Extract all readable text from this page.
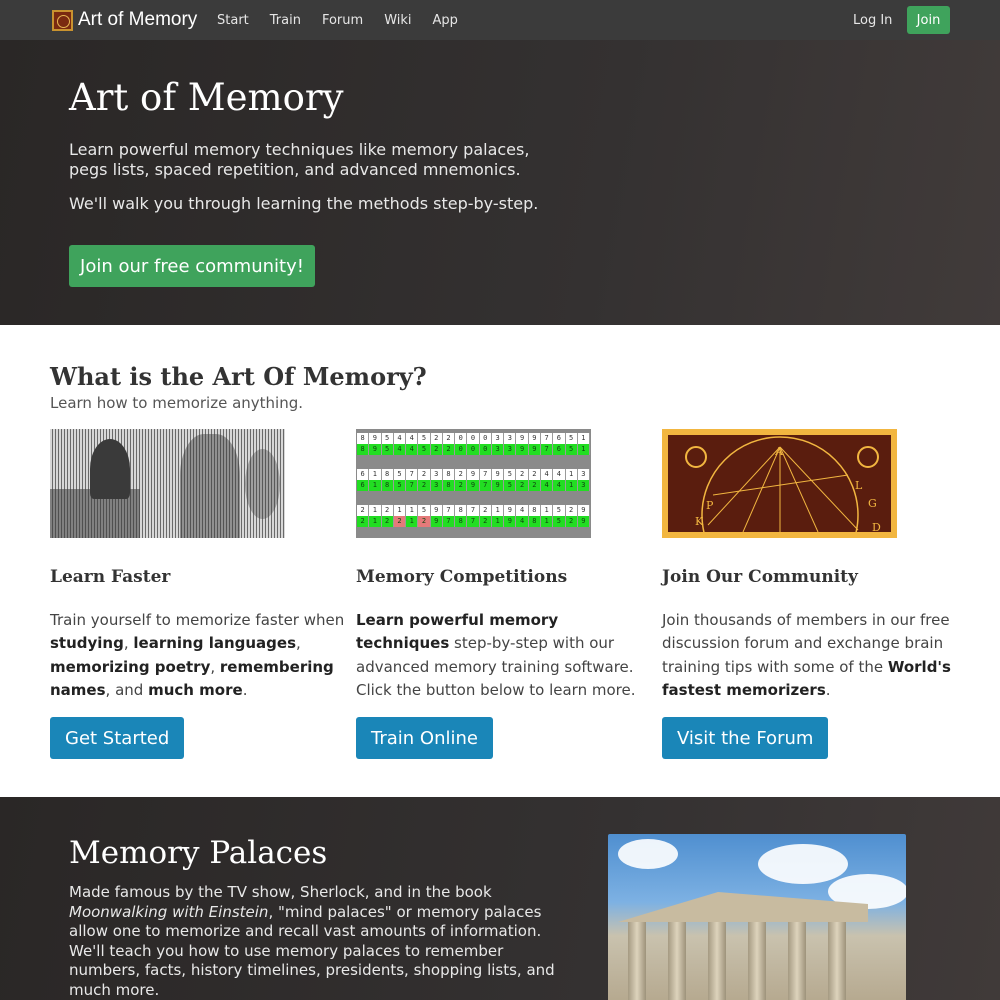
Art of Memory Start Train Forum Wiki App	Log In	Join
Art of Memory

Learn powerful memory techniques like memory palaces, pegs lists, spaced repetition, and advanced mnemonics.

We'll walk you through learning the methods step-by-step.

Join our free community!
What is the Art Of Memory?

Learn how to memorize anything.

Learn Faster

Train yourself to memorize faster when studying, learning languages, memorizing poetry, remembering names, and much more.

Get Started
8	9	5	4	4	5	2	2	0	0	0	3	3	9	9	7	6	5	1
8	9	5	4	4	5	2	2	0	0	0	3	3	9	9	7	6	5	1
6	1	8	5	7	2	3	8	2	9	7	9	5	2	2	4	4	1	3
6	1	8	5	7	2	3	8	2	9	7	9	5	2	2	4	4	1	3
2	1	2	1	1	5	9	7	8	7	2	1	9	4	8	1	5	2	9
2	1	2	2	1	2	9	7	8	7	2	1	9	4	8	1	5	2	9
Memory Competitions

Learn powerful memory techniques step-by-step with our advanced memory training software. Click the button below to learn more.

Train Online
A
L
G
P
K	D
Join Our Community

Join thousands of members in our free discussion forum and exchange brain training tips with some of the World's fastest memorizers.

Visit the Forum
Memory Palaces

Made famous by the TV show, Sherlock, and in the book Moonwalking with Einstein, "mind palaces" or memory palaces allow one to memorize and recall vast amounts of information. We'll teach you how to use memory palaces to remember numbers, facts, history timelines, presidents, shopping lists, and much more.
